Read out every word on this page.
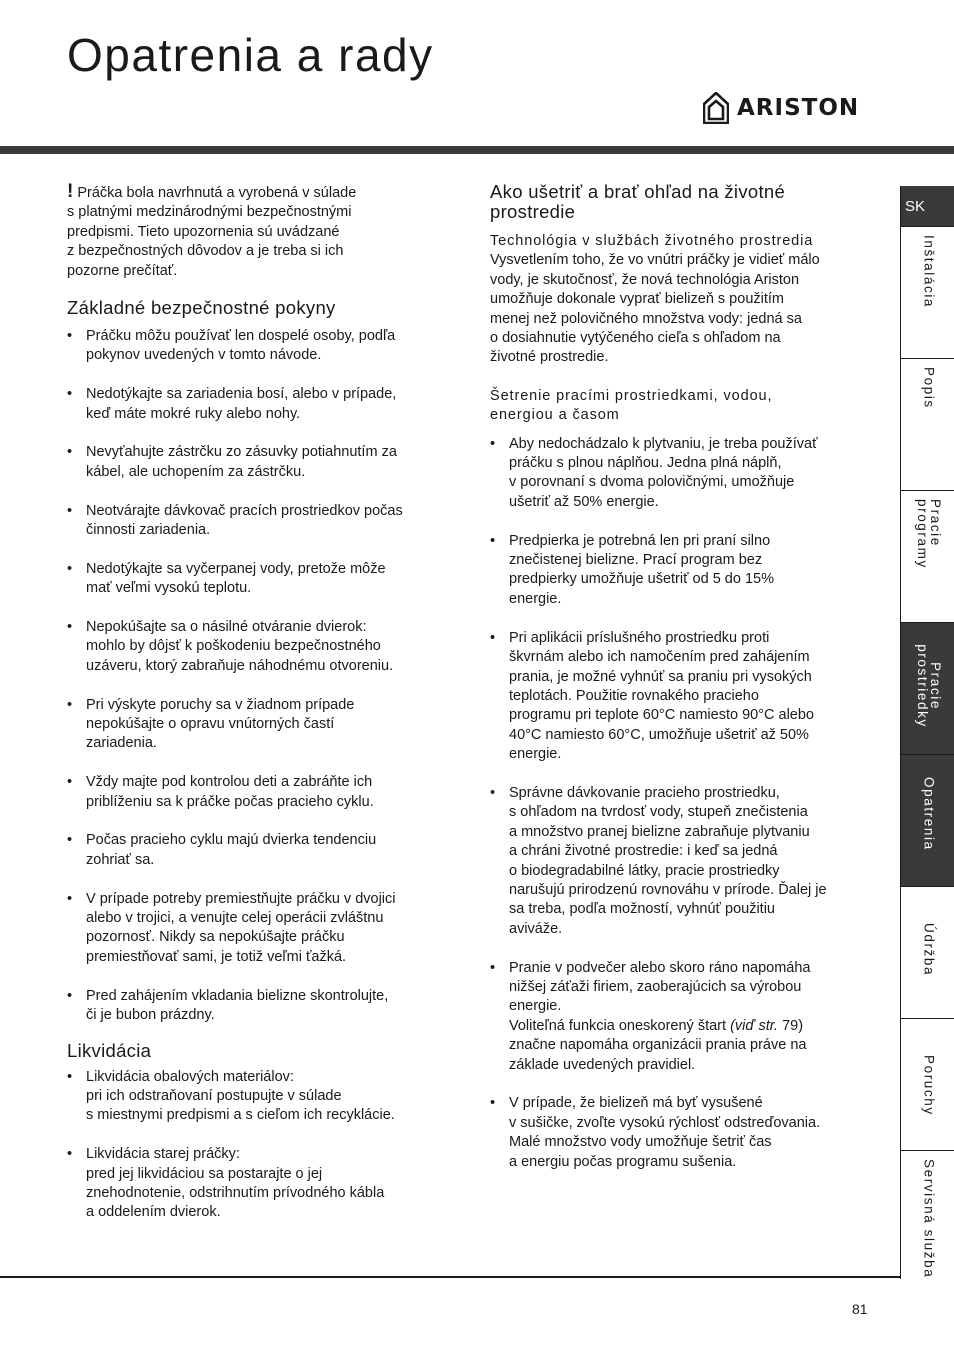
Opatrenia a rady
ARISTON

! Práčka bola navrhnutá a vyrobená v súlade
s platnými medzinárodnými bezpečnostnými
predpismi. Tieto upozornenia sú uvádzané
z bezpečnostných dôvodov a je treba si ich
pozorne prečítať.

Základné bezpečnostné pokyny
• Práčku môžu používať len dospelé osoby, podľa
pokynov uvedených v tomto návode.
• Nedotýkajte sa zariadenia bosí, alebo v prípade,
keď máte mokré ruky alebo nohy.
• Nevyťahujte zástrčku zo zásuvky potiahnutím za
kábel, ale uchopením za zástrčku.
• Neotvárajte dávkovač pracích prostriedkov počas
činnosti zariadenia.
• Nedotýkajte sa vyčerpanej vody, pretože môže
mať veľmi vysokú teplotu.
• Nepokúšajte sa o násilné otváranie dvierok:
mohlo by dôjsť k poškodeniu bezpečnostného
uzáveru, ktorý zabraňuje náhodnému otvoreniu.
• Pri výskyte poruchy sa v žiadnom prípade
nepokúšajte o opravu vnútorných častí
zariadenia.
• Vždy majte pod kontrolou deti a zabráňte ich
priblíženiu sa k práčke počas pracieho cyklu.
• Počas pracieho cyklu majú dvierka tendenciu
zohriať sa.
• V prípade potreby premiestňujte práčku v dvojici
alebo v trojici, a venujte celej operácii zvláštnu
pozornosť. Nikdy sa nepokúšajte práčku
premiestňovať sami, je totiž veľmi ťažká.
• Pred zahájením vkladania bielizne skontrolujte,
či je bubon prázdny.
Likvidácia
• Likvidácia obalových materiálov:
pri ich odstraňovaní postupujte v súlade
s miestnymi predpismi a s cieľom ich recyklácie.
• Likvidácia starej práčky:
pred jej likvidáciou sa postarajte o jej
znehodnotenie, odstrihnutím prívodného kábla
a oddelením dvierok.
Ako ušetriť a brať ohľad na životné
prostredie
Technológia v službách životného prostredia

Vysvetlením toho, že vo vnútri práčky je vidieť málo
vody, je skutočnosť, že nová technológia Ariston
umožňuje dokonale vyprať bielizeň s použitím
menej než polovičného množstva vody: jedná sa
o dosiahnutie vytýčeného cieľa s ohľadom na
životné prostredie.

Šetrenie pracími prostriedkami, vodou,
energiou a časom
• Aby nedochádzalo k plytvaniu, je treba používať
práčku s plnou náplňou. Jedna plná náplň,
v porovnaní s dvoma polovičnými, umožňuje
ušetriť až 50% energie.
• Predpierka je potrebná len pri praní silno
znečistenej bielizne. Prací program bez
predpierky umožňuje ušetriť od 5 do 15%
energie.
• Pri aplikácii príslušného prostriedku proti
škvrnám alebo ich namočením pred zahájením
prania, je možné vyhnúť sa praniu pri vysokých
teplotách. Použitie rovnakého pracieho
programu pri teplote 60°C namiesto 90°C alebo
40°C namiesto 60°C, umožňuje ušetriť až 50%
energie.
• Správne dávkovanie pracieho prostriedku,
s ohľadom na tvrdosť vody, stupeň znečistenia
a množstvo pranej bielizne zabraňuje plytvaniu
a chráni životné prostredie: i keď sa jedná
o biodegradabilné látky, pracie prostriedky
narušujú prirodzenú rovnováhu v prírode. Ďalej je
sa treba, podľa možností, vyhnúť použitiu
aviváže.
• Pranie v podvečer alebo skoro ráno napomáha
nižšej záťaži firiem, zaoberajúcich sa výrobou
energie.
Voliteľná funkcia oneskorený štart (viď str. 79)
značne napomáha organizácii prania práve na
základe uvedených pravidiel.
• V prípade, že bielizeň má byť vysušené
v sušičke, zvoľte vysokú rýchlosť odstreďovania.
Malé množstvo vody umožňuje šetriť čas
a energiu počas programu sušenia.
SK
Inštalácia
Popis
Pracie programy
Pracie
prostriedky
Opatrenia
Údržba
Poruchy
Servisná služba
81
